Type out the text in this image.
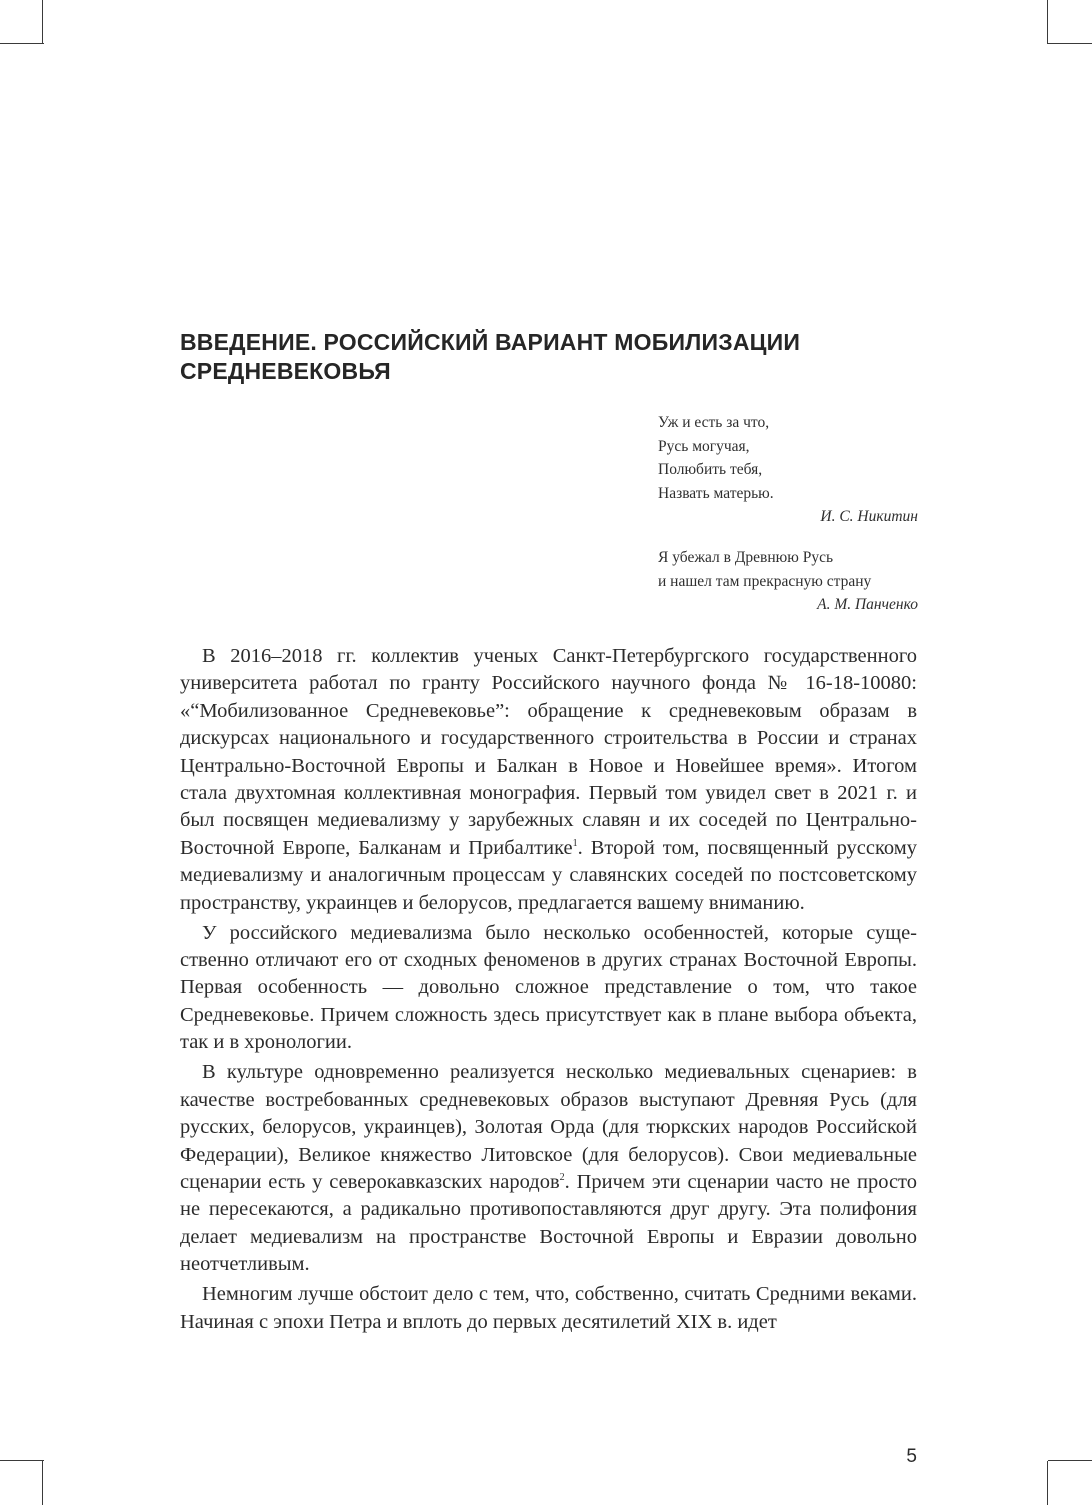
ВВЕДЕНИЕ. РОССИЙСКИЙ ВАРИАНТ МОБИЛИЗАЦИИ
СРЕДНЕВЕКОВЬЯ
Уж и есть за что,
Русь могучая,
Полюбить тебя,
Назвать матерью.
И. С. Никитин
Я убежал в Древнюю Русь
и нашел там прекрасную страну
А. М. Панченко

В 2016–2018 гг. коллектив ученых Санкт-Петербургского государственного университета работал по гранту Российского научного фонда № 16-18-10080: «“Мобилизованное Средневековье”: обращение к средневековым образам в дискурсах национального и государственного строительства в России и странах Центрально-Восточной Европы и Балкан в Новое и Новейшее время». Итогом стала двухтомная коллективная монография. Первый том увидел свет в 2021 г. и был посвящен медиевализму у зарубежных славян и их соседей по Центрально-Восточной Европе, Балканам и Прибалтике$^1$. Второй том, посвященный русскому медиевализму и аналогичным процессам у славянских соседей по постсоветскому пространству, украинцев и белорусов, предлагается вашему вниманию.

У российского медиевализма было несколько особенностей, которые существенно отличают его от сходных феноменов в других странах Восточной Европы. Первая особенность — довольно сложное представление о том, что такое Средневековье. Причем сложность здесь присутствует как в плане выбора объекта, так и в хронологии.

В культуре одновременно реализуется несколько медиевальных сценариев: в качестве востребованных средневековых образов выступают Древняя Русь (для русских, белорусов, украинцев), Золотая Орда (для тюркских народов Российской Федерации), Великое княжество Литовское (для белорусов). Свои медиевальные сценарии есть у северокавказских народов$^2$. Причем эти сценарии часто не просто не пересекаются, а радикально противопоставляются друг другу. Эта полифония делает медиевализм на пространстве Восточной Европы и Евразии довольно неотчетливым.

Немногим лучше обстоит дело с тем, что, собственно, считать Средними веками. Начиная с эпохи Петра и вплоть до первых десятилетий XIX в. идет

5
